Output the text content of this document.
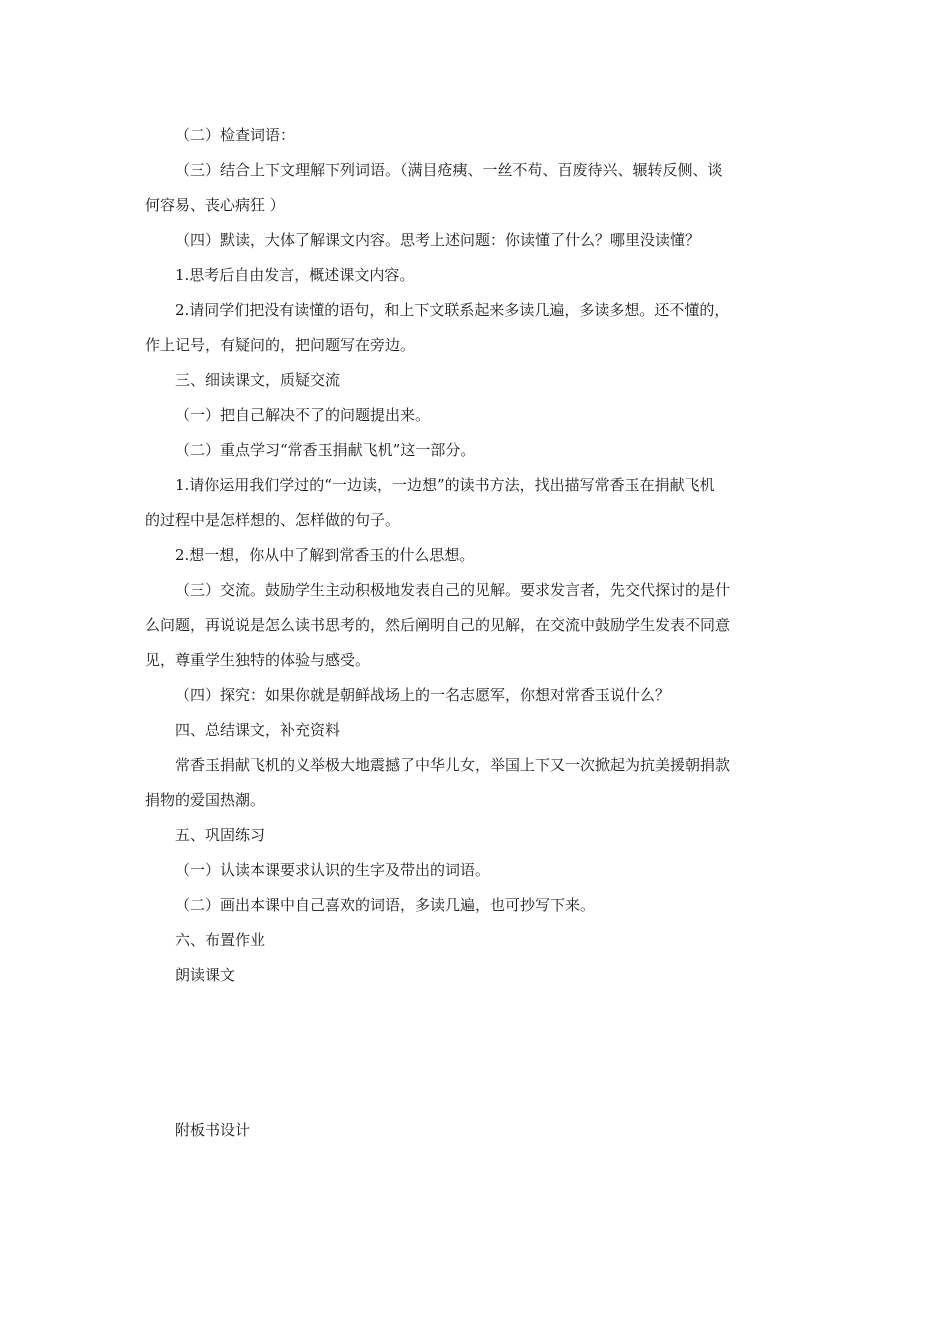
（二）检查词语：

（三）结合上下文理解下列词语。（满目疮痍、一丝不苟、百废待兴、辗转反侧、谈

何容易、丧心病狂 ）

（四）默读，大体了解课文内容。思考上述问题：你读懂了什么？哪里没读懂？

1.思考后自由发言，概述课文内容。

2.请同学们把没有读懂的语句，和上下文联系起来多读几遍，多读多想。还不懂的，

作上记号，有疑问的，把问题写在旁边。

三、细读课文，质疑交流

（一）把自己解决不了的问题提出来。

（二）重点学习“常香玉捐献飞机”这一部分。

1.请你运用我们学过的“一边读，一边想”的读书方法，找出描写常香玉在捐献飞机

的过程中是怎样想的、怎样做的句子。

2.想一想，你从中了解到常香玉的什么思想。

（三）交流。鼓励学生主动积极地发表自己的见解。要求发言者，先交代探讨的是什

么问题，再说说是怎么读书思考的，然后阐明自己的见解，在交流中鼓励学生发表不同意

见，尊重学生独特的体验与感受。

（四）探究：如果你就是朝鲜战场上的一名志愿军，你想对常香玉说什么？

四、总结课文，补充资料

常香玉捐献飞机的义举极大地震撼了中华儿女，举国上下又一次掀起为抗美援朝捐款

捐物的爱国热潮。

五、巩固练习

（一）认读本课要求认识的生字及带出的词语。

（二）画出本课中自己喜欢的词语，多读几遍，也可抄写下来。

六、布置作业

朗读课文

附板书设计
